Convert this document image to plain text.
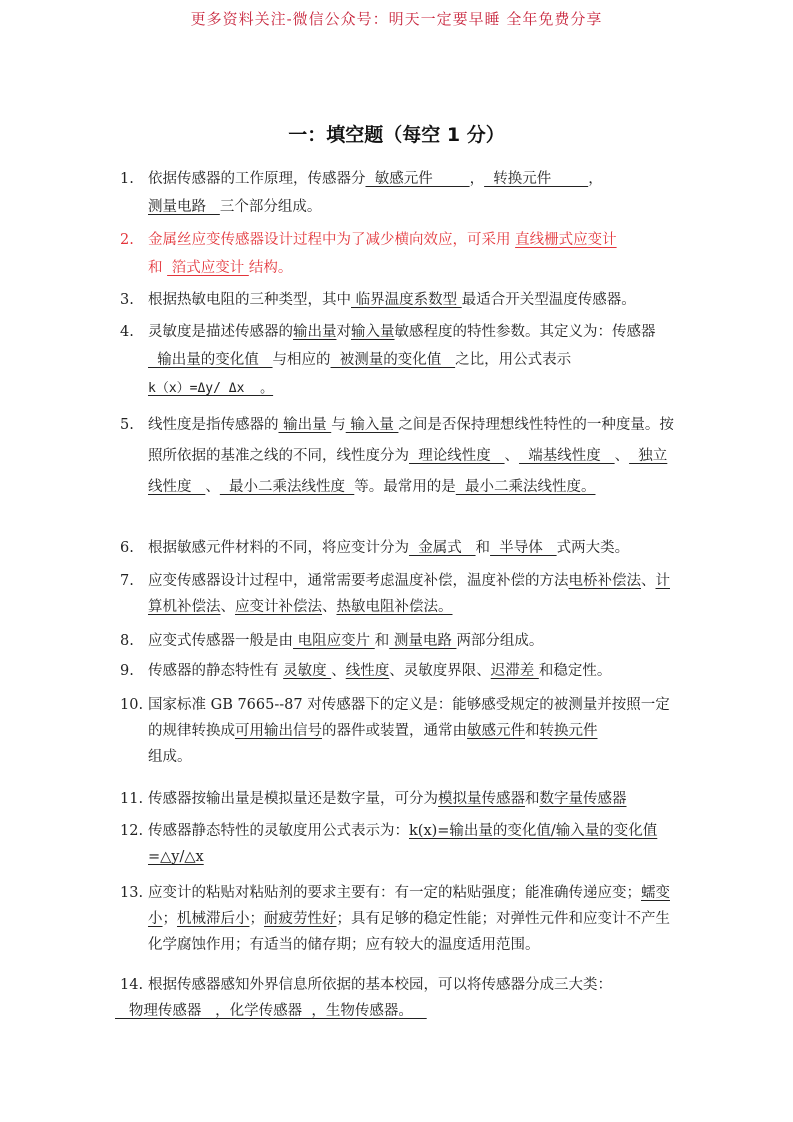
更多资料关注-微信公众号：明天一定要早睡 全年免费分享
一：填空题（每空 1 分）
1. 依据传感器的工作原理，传感器分  敏感元件        ，  转换元件        ，
测量电路   三个部分组成。
2. 金属丝应变传感器设计过程中为了减少横向效应，可采用 直线栅式应变计
和  箔式应变计 结构。
3. 根据热敏电阻的三种类型，其中 临界温度系数型 最适合开关型温度传感器。
4. 灵敏度是描述传感器的输出量对输入量敏感程度的特性参数。其定义为：传感器  输出量的变化值   与相应的  被测量的变化值   之比，用公式表示
k（x）=Δy/ Δx  。
5. 线性度是指传感器的 输出量 与 输入量 之间是否保持理想线性特性的一种度量。按照所依据的基准之线的不同，线性度分为  理论线性度   、  端基线性度   、  独立线性度   、  最小二乘法线性度  等。最常用的是  最小二乘法线性度。
6. 根据敏感元件材料的不同，将应变计分为  金属式   和  半导体   式两大类。
7. 应变传感器设计过程中，通常需要考虑温度补偿，温度补偿的方法电桥补偿法、计算机补偿法、应变计补偿法、热敏电阻补偿法。
8. 应变式传感器一般是由 电阻应变片 和 测量电路 两部分组成。
9. 传感器的静态特性有 灵敏度 、线性度、灵敏度界限、迟滞差 和稳定性。
10. 国家标准 GB 7665--87 对传感器下的定义是：能够感受规定的被测量并按照一定的规律转换成可用输出信号的器件或装置，通常由敏感元件和转换元件
组成。
11. 传感器按输出量是模拟量还是数字量，可分为模拟量传感器和数字量传感器
12. 传感器静态特性的灵敏度用公式表示为：k(x)=输出量的变化值/输入量的变化值=△y/△x
13. 应变计的粘贴对粘贴剂的要求主要有：有一定的粘贴强度；能准确传递应变；蠕变小；机械滞后小；耐疲劳性好；具有足够的稳定性能；对弹性元件和应变计不产生化学腐蚀作用；有适当的储存期；应有较大的温度适用范围。
14. 根据传感器感知外界信息所依据的基本校园，可以将传感器分成三大类：
物理传感器   ，化学传感器  ，生物传感器。
